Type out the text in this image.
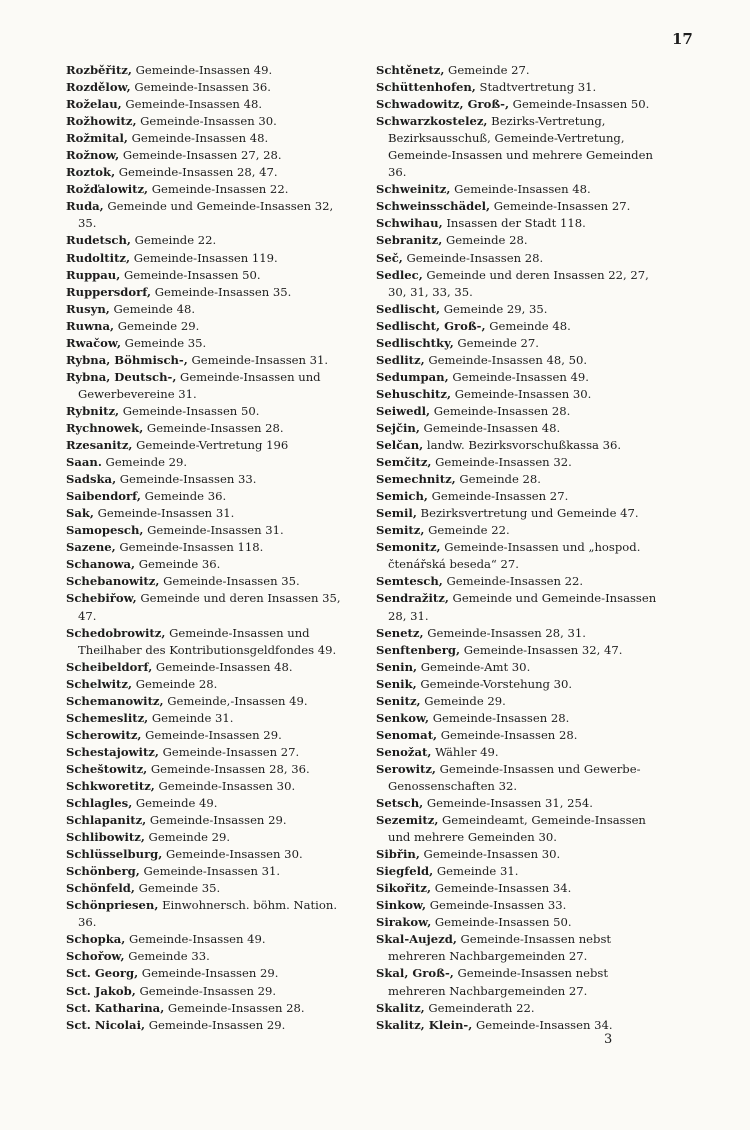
17

Rozběřitz, Gemeinde-Insassen 49.

Rozdělow, Gemeinde-Insassen 36.

Roželau, Gemeinde-Insassen 48.

Rožhowitz, Gemeinde-Insassen 30.

Rožmital, Gemeinde-Insassen 48.

Rožnow, Gemeinde-Insassen 27, 28.

Roztok, Gemeinde-Insassen 28, 47.

Rožďalowitz, Gemeinde-Insassen 22.

Ruda, Gemeinde und Gemeinde-Insassen 32, 35.

Rudetsch, Gemeinde 22.

Rudoltitz, Gemeinde-Insassen 119.

Ruppau, Gemeinde-Insassen 50.

Ruppersdorf, Gemeinde-Insassen 35.

Rusyn, Gemeinde 48.

Ruwna, Gemeinde 29.

Rwačow, Gemeinde 35.

Rybna, Böhmisch-, Gemeinde-Insassen 31.

Rybna, Deutsch-, Gemeinde-Insassen und Gewerbevereine 31.

Rybnitz, Gemeinde-Insassen 50.

Rychnowek, Gemeinde-Insassen 28.

Rzesanitz, Gemeinde-Vertretung 196

Saan. Gemeinde 29.

Sadska, Gemeinde-Insassen 33.

Saibendorf, Gemeinde 36.

Sak, Gemeinde-Insassen 31.

Samopesch, Gemeinde-Insassen 31.

Sazene, Gemeinde-Insassen 118.

Schanowa, Gemeinde 36.

Schebanowitz, Gemeinde-Insassen 35.

Schebiřow, Gemeinde und deren Insassen 35, 47.

Schedobrowitz, Gemeinde-Insassen und Theilhaber des Kontributionsgeldfondes 49.

Scheibeldorf, Gemeinde-Insassen 48.

Schelwitz, Gemeinde 28.

Schemanowitz, Gemeinde,-Insassen 49.

Schemeslitz, Gemeinde 31.

Scherowitz, Gemeinde-Insassen 29.

Schestajowitz, Gemeinde-Insassen 27.

Scheštowitz, Gemeinde-Insassen 28, 36.

Schkworetitz, Gemeinde-Insassen 30.

Schlagles, Gemeinde 49.

Schlapanitz, Gemeinde-Insassen 29.

Schlibowitz, Gemeinde 29.

Schlüsselburg, Gemeinde-Insassen 30.

Schönberg, Gemeinde-Insassen 31.

Schönfeld, Gemeinde 35.

Schönpriesen, Einwohnersch. böhm. Nation. 36.

Schopka, Gemeinde-Insassen 49.

Schořow, Gemeinde 33.

Sct. Georg, Gemeinde-Insassen 29.

Sct. Jakob, Gemeinde-Insassen 29.

Sct. Katharina, Gemeinde-Insassen 28.

Sct. Nicolai, Gemeinde-Insassen 29.

Schtěnetz, Gemeinde 27.

Schüttenhofen, Stadtvertretung 31.

Schwadowitz, Groß-, Gemeinde-Insassen 50.

Schwarzkostelez, Bezirks-Vertretung, Bezirksausschuß, Gemeinde-Vertretung, Gemeinde-Insassen und mehrere Gemeinden 36.

Schweinitz, Gemeinde-Insassen 48.

Schweinsschädel, Gemeinde-Insassen 27.

Schwihau, Insassen der Stadt 118.

Sebranitz, Gemeinde 28.

Seč, Gemeinde-Insassen 28.

Sedlec, Gemeinde und deren Insassen 22, 27, 30, 31, 33, 35.

Sedlischt, Gemeinde 29, 35.

Sedlischt, Groß-, Gemeinde 48.

Sedlischtky, Gemeinde 27.

Sedlitz, Gemeinde-Insassen 48, 50.

Sedumpan, Gemeinde-Insassen 49.

Sehuschitz, Gemeinde-Insassen 30.

Seiwedl, Gemeinde-Insassen 28.

Sejčin, Gemeinde-Insassen 48.

Selčan, landw. Bezirksvorschußkassa 36.

Semčitz, Gemeinde-Insassen 32.

Semechnitz, Gemeinde 28.

Semich, Gemeinde-Insassen 27.

Semil, Bezirksvertretung und Gemeinde 47.

Semitz, Gemeinde 22.

Semonitz, Gemeinde-Insassen und „hospod. čtenářská beseda“ 27.

Semtesch, Gemeinde-Insassen 22.

Sendražitz, Gemeinde und Gemeinde-Insassen 28, 31.

Senetz, Gemeinde-Insassen 28, 31.

Senftenberg, Gemeinde-Insassen 32, 47.

Senin, Gemeinde-Amt 30.

Senik, Gemeinde-Vorstehung 30.

Senitz, Gemeinde 29.

Senkow, Gemeinde-Insassen 28.

Senomat, Gemeinde-Insassen 28.

Senožat, Wähler 49.

Serowitz, Gemeinde-Insassen und Gewerbe-Genossenschaften 32.

Setsch, Gemeinde-Insassen 31, 254.

Sezemitz, Gemeindeamt, Gemeinde-Insassen und mehrere Gemeinden 30.

Sibřin, Gemeinde-Insassen 30.

Siegfeld, Gemeinde 31.

Sikořitz, Gemeinde-Insassen 34.

Sinkow, Gemeinde-Insassen 33.

Sirakow, Gemeinde-Insassen 50.

Skal-Aujezd, Gemeinde-Insassen nebst mehreren Nachbargemeinden 27.

Skal, Groß-, Gemeinde-Insassen nebst mehreren Nachbargemeinden 27.

Skalitz, Gemeinderath 22.

Skalitz, Klein-, Gemeinde-Insassen 34.

3
